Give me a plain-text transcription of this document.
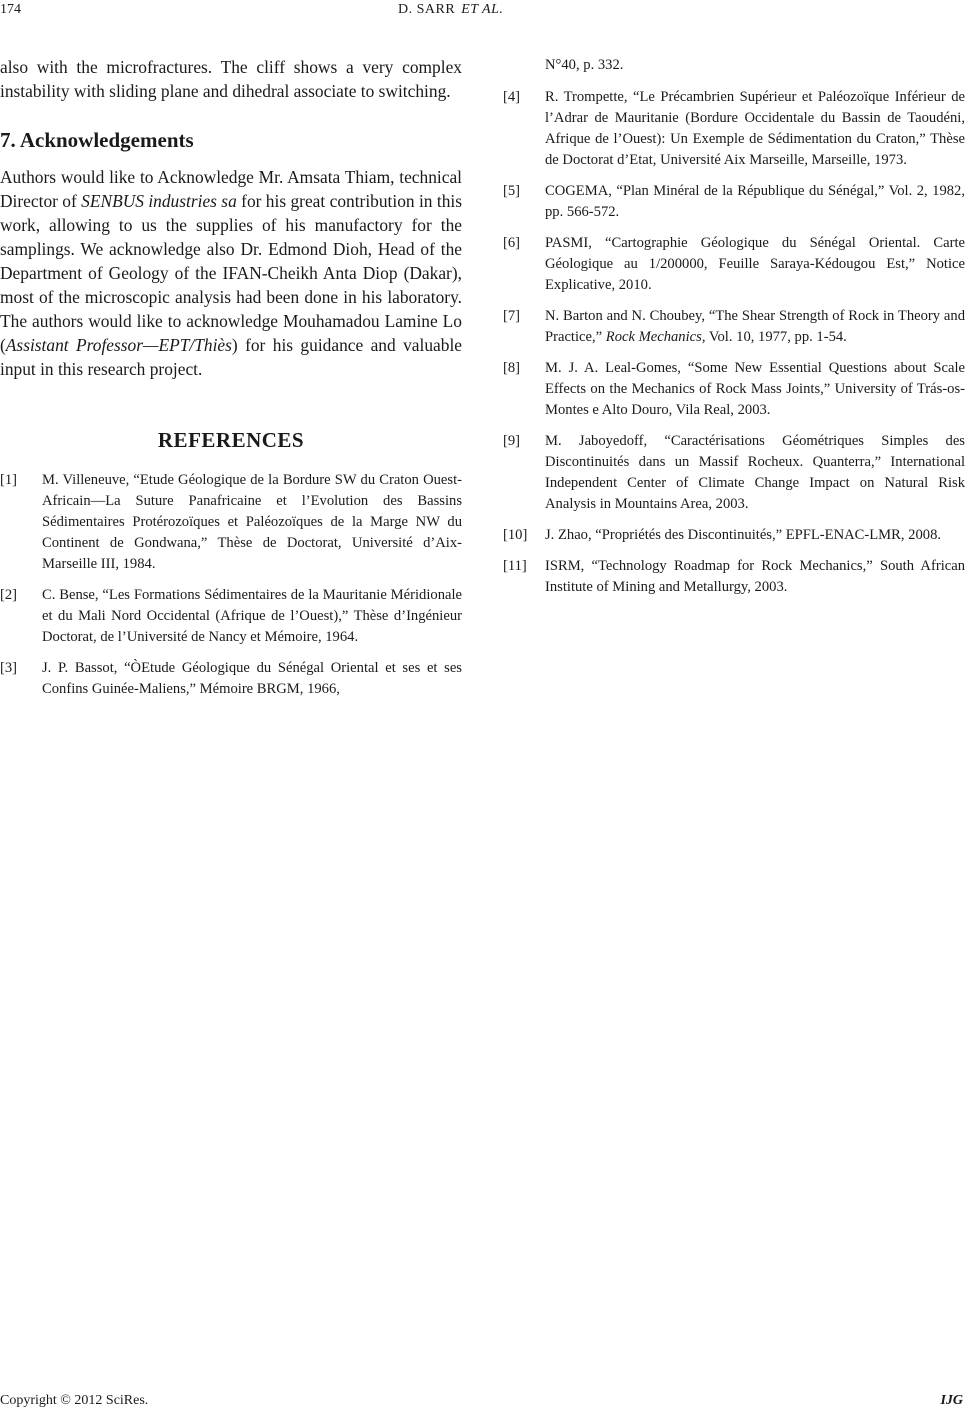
174	D. SARR ET AL.

also with the microfractures. The cliff shows a very complex instability with sliding plane and dihedral associate to switching.

7. Acknowledgements

Authors would like to Acknowledge Mr. Amsata Thiam, technical Director of SENBUS industries sa for his great contribution in this work, allowing to us the supplies of his manufactory for the samplings. We acknowledge also Dr. Edmond Dioh, Head of the Department of Geology of the IFAN-Cheikh Anta Diop (Dakar), most of the microscopic analysis had been done in his laboratory. The authors would like to acknowledge Mouhamadou Lamine Lo (Assistant Professor—EPT/Thiès) for his guidance and valuable input in this research project.

REFERENCES
[1]	M. Villeneuve, “Etude Géologique de la Bordure SW du Craton Ouest-Africain—La Suture Panafricaine et l’Evolution des Bassins Sédimentaires Protérozoïques et Paléozoïques de la Marge NW du Continent de Gondwana,” Thèse de Doctorat, Université d’Aix-Marseille III, 1984.
[2]	C. Bense, “Les Formations Sédimentaires de la Mauritanie Méridionale et du Mali Nord Occidental (Afrique de l’Ouest),” Thèse d’Ingénieur Doctorat, de l’Université de Nancy et Mémoire, 1964.
[3]	J. P. Bassot, “ÒEtude Géologique du Sénégal Oriental et ses et ses Confins Guinée-Maliens,” Mémoire BRGM, 1966,
N°40, p. 332.
[4]	R. Trompette, “Le Précambrien Supérieur et Paléozoïque Inférieur de l’Adrar de Mauritanie (Bordure Occidentale du Bassin de Taoudéni, Afrique de l’Ouest): Un Exemple de Sédimentation du Craton,” Thèse de Doctorat d’Etat, Université Aix Marseille, Marseille, 1973.
[5]	COGEMA, “Plan Minéral de la République du Sénégal,” Vol. 2, 1982, pp. 566-572.
[6]	PASMI, “Cartographie Géologique du Sénégal Oriental. Carte Géologique au 1/200000, Feuille Saraya-Kédougou Est,” Notice Explicative, 2010.
[7]	N. Barton and N. Choubey, “The Shear Strength of Rock in Theory and Practice,” Rock Mechanics, Vol. 10, 1977, pp. 1-54.
[8]	M. J. A. Leal-Gomes, “Some New Essential Questions about Scale Effects on the Mechanics of Rock Mass Joints,” University of Trás-os-Montes e Alto Douro, Vila Real, 2003.
[9]	M. Jaboyedoff, “Caractérisations Géométriques Simples des Discontinuités dans un Massif Rocheux. Quanterra,” International Independent Center of Climate Change Impact on Natural Risk Analysis in Mountains Area, 2003.
[10]	J. Zhao, “Propriétés des Discontinuités,” EPFL-ENAC-LMR, 2008.
[11]	ISRM, “Technology Roadmap for Rock Mechanics,” South African Institute of Mining and Metallurgy, 2003.
Copyright © 2012 SciRes.	IJG
